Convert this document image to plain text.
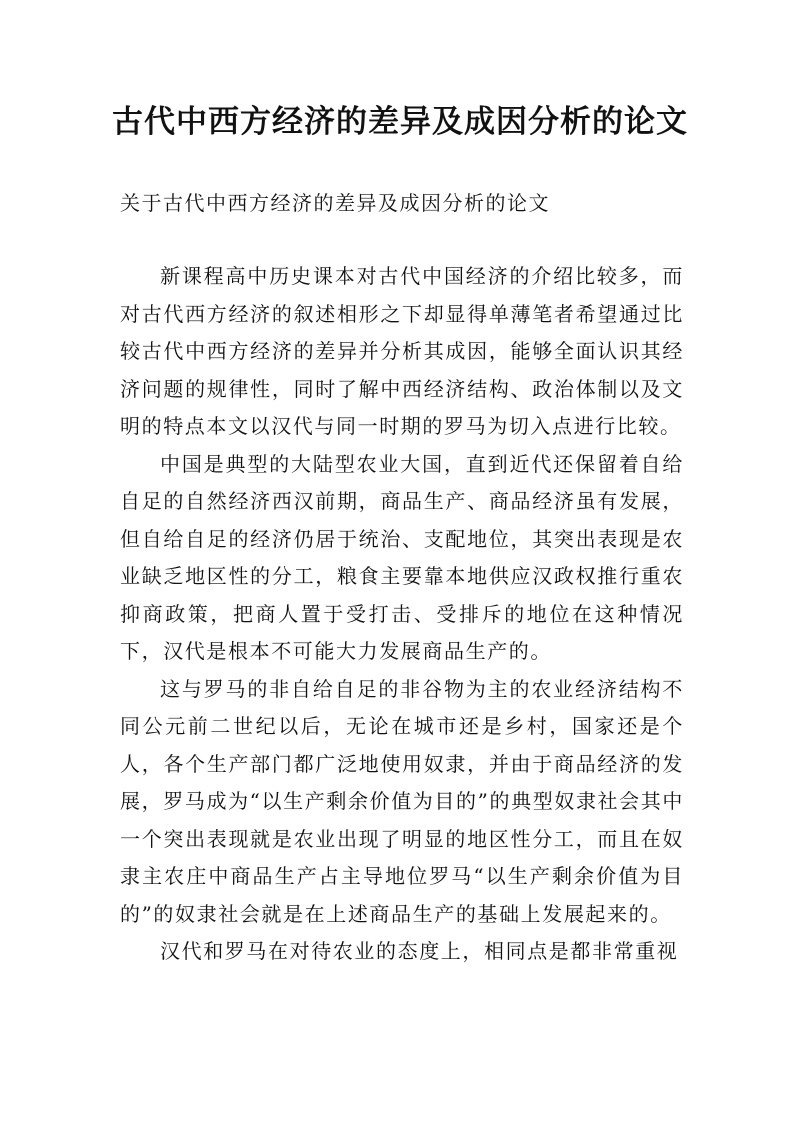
古代中西方经济的差异及成因分析的论文
关于古代中西方经济的差异及成因分析的论文

新课程高中历史课本对古代中国经济的介绍比较多，而对古代西方经济的叙述相形之下却显得单薄笔者希望通过比较古代中西方经济的差异并分析其成因，能够全面认识其经济问题的规律性，同时了解中西经济结构、政治体制以及文明的特点本文以汉代与同一时期的罗马为切入点进行比较。

中国是典型的大陆型农业大国，直到近代还保留着自给自足的自然经济西汉前期，商品生产、商品经济虽有发展，但自给自足的经济仍居于统治、支配地位，其突出表现是农业缺乏地区性的分工，粮食主要靠本地供应汉政权推行重农抑商政策，把商人置于受打击、受排斥的地位在这种情况下，汉代是根本不可能大力发展商品生产的。

这与罗马的非自给自足的非谷物为主的农业经济结构不同公元前二世纪以后，无论在城市还是乡村，国家还是个人，各个生产部门都广泛地使用奴隶，并由于商品经济的发展，罗马成为“以生产剩余价值为目的”的典型奴隶社会其中一个突出表现就是农业出现了明显的地区性分工，而且在奴隶主农庄中商品生产占主导地位罗马“以生产剩余价值为目的”的奴隶社会就是在上述商品生产的基础上发展起来的。

汉代和罗马在对待农业的态度上，相同点是都非常重视
